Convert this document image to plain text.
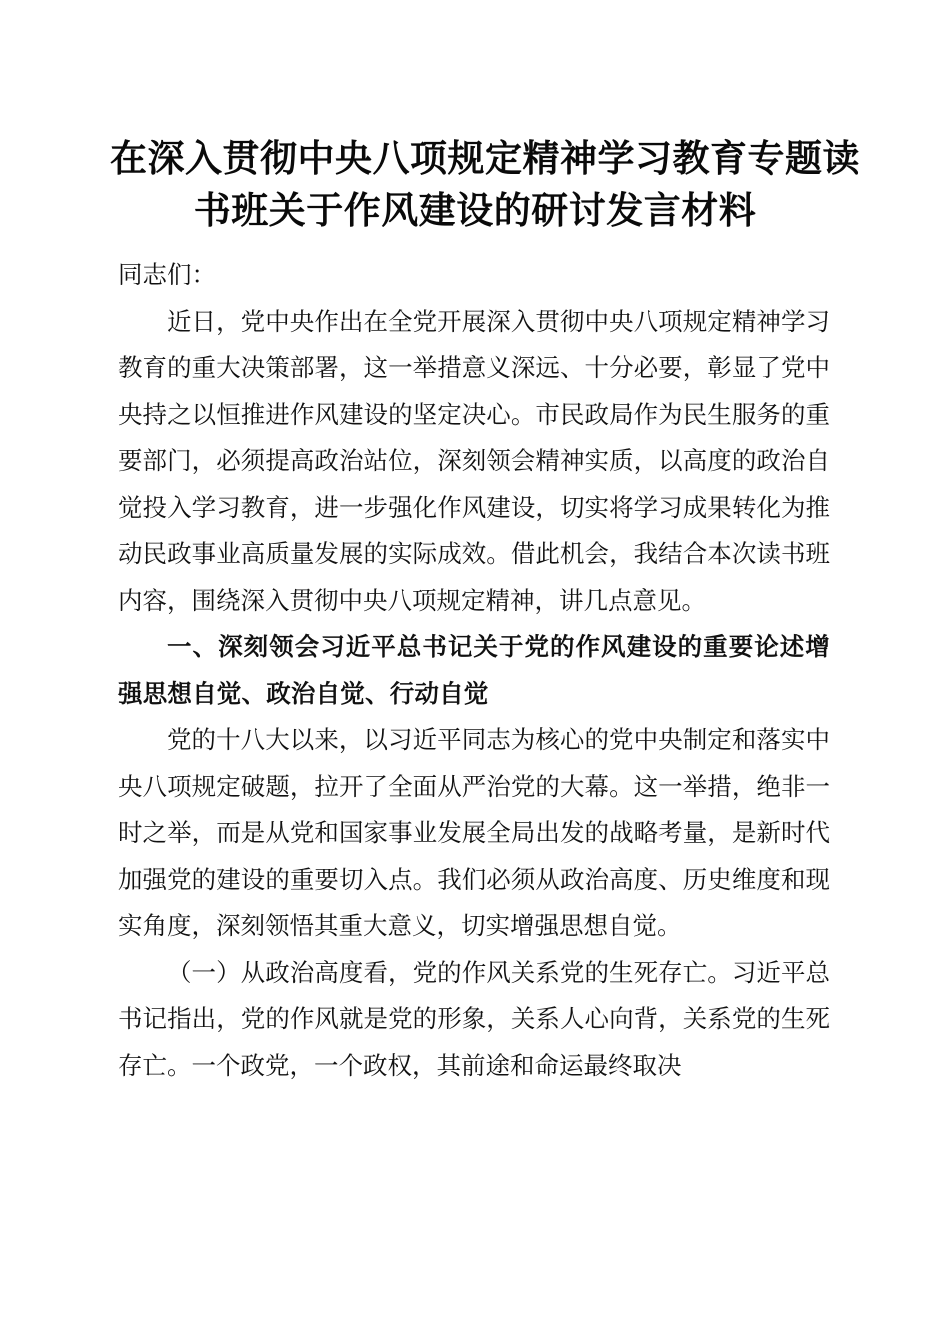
在深入贯彻中央八项规定精神学习教育专题读
书班关于作风建设的研讨发言材料

同志们：

近日，党中央作出在全党开展深入贯彻中央八项规定精神学习教育的重大决策部署，这一举措意义深远、十分必要，彰显了党中央持之以恒推进作风建设的坚定决心。市民政局作为民生服务的重要部门，必须提高政治站位，深刻领会精神实质，以高度的政治自觉投入学习教育，进一步强化作风建设，切实将学习成果转化为推动民政事业高质量发展的实际成效。借此机会，我结合本次读书班内容，围绕深入贯彻中央八项规定精神，讲几点意见。

一、深刻领会习近平总书记关于党的作风建设的重要论述增强思想自觉、政治自觉、行动自觉

党的十八大以来，以习近平同志为核心的党中央制定和落实中央八项规定破题，拉开了全面从严治党的大幕。这一举措，绝非一时之举，而是从党和国家事业发展全局出发的战略考量，是新时代加强党的建设的重要切入点。我们必须从政治高度、历史维度和现实角度，深刻领悟其重大意义，切实增强思想自觉。

（一）从政治高度看，党的作风关系党的生死存亡。习近平总书记指出，党的作风就是党的形象，关系人心向背，关系党的生死存亡。一个政党，一个政权，其前途和命运最终取决
